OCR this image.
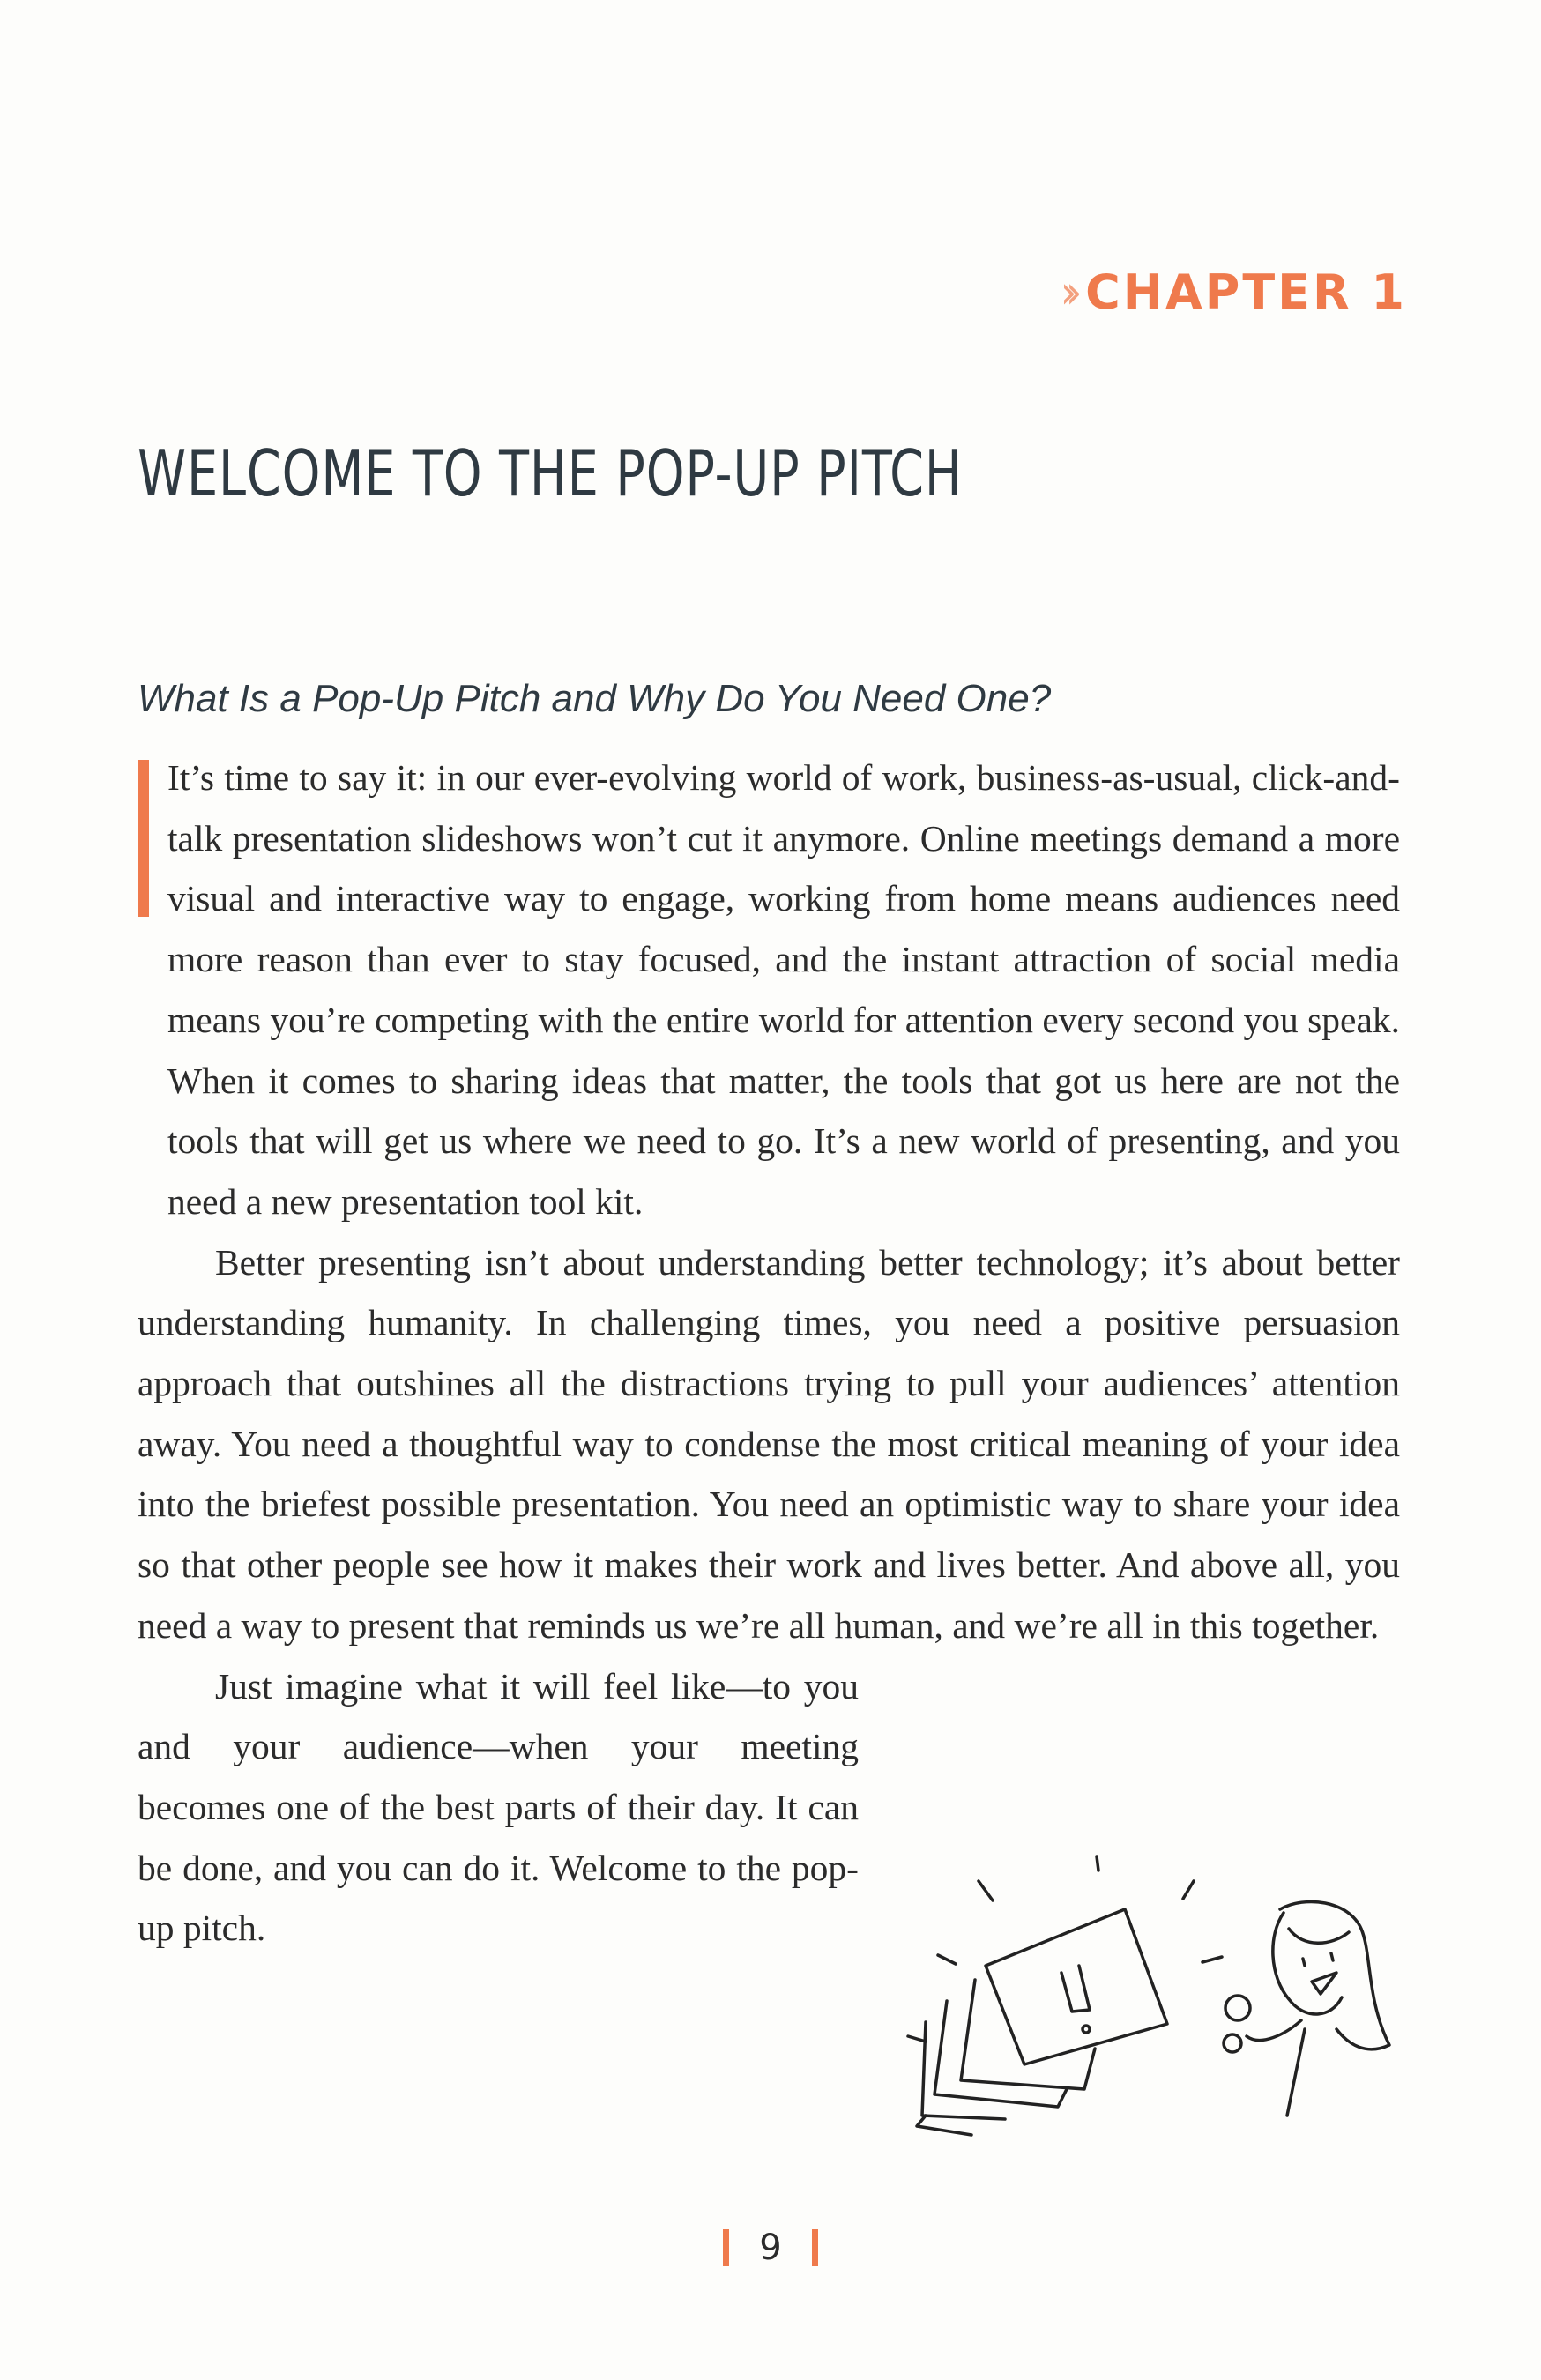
›› CHAPTER 1
WELCOME TO THE POP-UP PITCH
What Is a Pop-Up Pitch and Why Do You Need One?

It’s time to say it: in our ever-evolving world of work, business-as-usual, click-and-talk presentation slideshows won’t cut it anymore. Online meetings demand a more visual and interactive way to engage, working from home means audiences need more reason than ever to stay focused, and the instant attraction of social media means you’re competing with the entire world for attention every second you speak. When it comes to sharing ideas that matter, the tools that got us here are not the tools that will get us where we need to go. It’s a new world of presenting, and you need a new presentation tool kit.

Better presenting isn’t about understanding better technology; it’s about better understanding humanity. In challenging times, you need a positive persuasion approach that outshines all the distractions trying to pull your audiences’ attention away. You need a thoughtful way to condense the most critical meaning of your idea into the briefest possible presentation. You need an optimistic way to share your idea so that other people see how it makes their work and lives better. And above all, you need a way to present that reminds us we’re all human, and we’re all in this together.

Just imagine what it will feel like—to you and your audience—when your meeting becomes one of the best parts of their day. It can be done, and you can do it. Welcome to the pop-up pitch.

9
